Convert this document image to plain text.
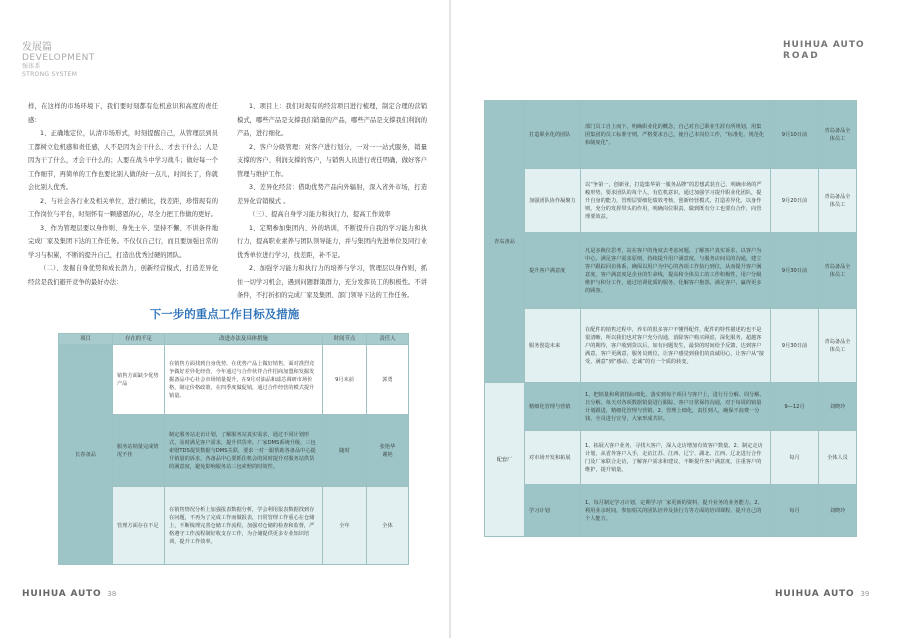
发展篇
DEVELOPMENT
强体系
STRONG SYSTEM

样，在这样的市场环境下，我们要时刻都有危机意识和高度的责任感：

1、正确地定位，认清市场形式，时刻提醒自己，从管理层到员工都树立危机感和责任感，人不是因为会干什么、才去干什么；人是因为干了什么，才会干什么的；人要在战斗中学习战斗；做好每一个工作细节，再简单的工作也要比别人做的好一点儿，时间长了，你就会比别人优秀。

2、与社会各行业及相关单位、进行横比，找差距，珍惜现有的工作岗位与平台，时刻怀有一颗感恩的心，尽全力把工作做的更好。

3、作为管理层要以身作则、身先士卒、坚持不懈、不讲条件地完成厂家及集团下达的工作任务。不仅仅自己行，而且要加强日常的学习与积累，不断的提升自己，打造出优秀过硬的团队。

（二）、发掘自身优势和成长潜力，创新经营模式，打造差异化经营是我们避开竞争的最好办法：

1、项目上：我们对现有的经营项目进行梳理，制定合理的营销模式，哪些产品是支撑我们销量的产品，哪些产品是支撑我们利润的产品，进行细化。

2、客户分级管理：对客户进行划分，一对一一站式服务，销量支撑的客户、利润支撑的客户，与销售人员进行责任明确，做好客户管理与维护工作。

3、差异化经营：借助优势产品向外辐射，深入省外市场，打造差异化营销模式 。

（三）、提高自身学习能力和执行力，提高工作效率

1、定期参加集团内、外的培训，不断提升自我的学习能力和执行力，提高职业素养与团队领导能力，并与集团内先进单位及同行业优秀单位进行学习，找差距，补不足。

2、加强学习能力和执行力的培养与学习，管理层以身作则，抓住一切学习机会，遇到问题群策群力，充分发挥员工的积极性。不讲条件，不打折扣的完成厂家及集团、部门领导下达的工作任务。

下一步的重点工作目标及措施
项目	存在的不足	改进办法及具体措施	时间节点	责任人
长春备品	销售方面缺少优势产品	在销售方面找到自身优势，在优势产品上做好销售，面对准烈竞争做好差异化经营，今年通过与合作伙伴合作招商加盟和发掘发掘备品中心社会市场销量提升，在9月对油品和滤芯调研市场价格，制定价格政策，在四季度做促销，通过合作经营的模式提升销量。	9月末前	郭勇
	服务站销量完成情况不佳	制定服务站走访计划，了解服务站真实需求，通过不同计划形式，及时满足客户需求，提升供货率。厂家DMS系统升级，三包索赔TDS提货数据与DMS关联，要求一对一跟帮助各备品中心提升销量的诉求，各备品中心要抓住机会的同时提升对服务站供货的满意度，避免影响服务站三包索赔的时效性。	随时	张艳华
谢艳
	管理方面存在不足	在销售情况分析上加强报表数据分析，学会利用报表数据找到存在问题，不再为了完成工作而做报表，日常管理工作重心在仓储上，不断梳理完善仓储工作流程，加强对仓储的检查和监督，严格遵守工作流程制好收支存工作，为合储提供更多专业知识培训，提升工作效率。	全年	全体
HUIHUA AUTO 38
HUIHUA AUTO
ROAD
青岛备品	打造职业化的团队	部门员工自上而下，明确职业化的概念，自己对自己职业生涯有所规划，用集团集团的员工标准守则，严格要求自己，使自己本岗位工作，“标准化、规范化和制度化”。	9月10日前	青岛备品全体员工
	加强团队协作凝聚力	以“争第一，创新业，打造集华第一服务品牌”的思想武装自己，明确市场的严峻形势，要求团队的每个人，有危机意识，通过加强学习提升职业化团队，提升自身的能力，管理层要细化绩效考核，创新经营模式，打造差异化，以身作则，充分的发挥带头的作用，明确岗位职责，做到既有分工也要有合作，向管理要效益。	9月20日前	青岛备品全体员工
	提升客户满意度	凡是多换位思考，站在客户的角度去考虑问题，了解客户真实诉求，以客户为中心，满足客户需求原则，持续提升用户满意度，与服务店间员的沟通，建立客户跟踪回访体系，确保以用户为中心的各项工作执行到位，从而提升客户满意度，客户满意度是企业的生命线，提高和全体员工的工作积极性，用户分级维护与积分工作，通过培训优质的服务，化解客户抱怨，满足客户，赢得更多的顾客。	9月30日前	青岛备品全体员工
	服务创造未来	在配件的销售过程中，养车的很多客户不懂得配件，配件的特性描述的也不是很清晰，所以我们也对客户充分沟通，消除客户购买顾虑，深化服务，超越客户的期待，客户收到货以后，如有问题发生，最快的时间给予反馈，达到客户满意，客户更满意，服务员到位，让客户感觉到我们的真诚用心，让客户从“接受、满意”到“感动、忠诚”的有一个质的转变。	9月30日前	青岛备品全体员工
配套厂	精细化管理与营销	1、把销量和利润指标细化，落实到每个项目与客户上，进行月分解、周分解、日分解，每天对各项数据销量进行跟踪，客户日常保持沟通，对于每周的销量计划跟进，精细化管理与营销。2、管理上细化，责任到人，确保不浪费一分钱，全员进行宣导，大家形成共识。	9—12月	刘晓玲
	对市场开发和拓展	1、拓展大客户业务，寻找大客户，深入走访增加有效客户数量。2、制定走访计划，从省外客户入手，走访江苏、江西、辽宁、湖北、江西、辽北进行合作门及厂家联合走访，了解客户需求和建议，不断提升客户满意度，注重客户的维护，提升销量。	每月	全体人员
	学习计划	1、每月制定学习计划，定期学习厂家更新的资料，提升业务的业务能力。2、利用业余时间，参加相关的团队培养及执行力等方面的培训课程，提升自己的个人能力。	每月	刘晓玲
HUIHUA AUTO 39
